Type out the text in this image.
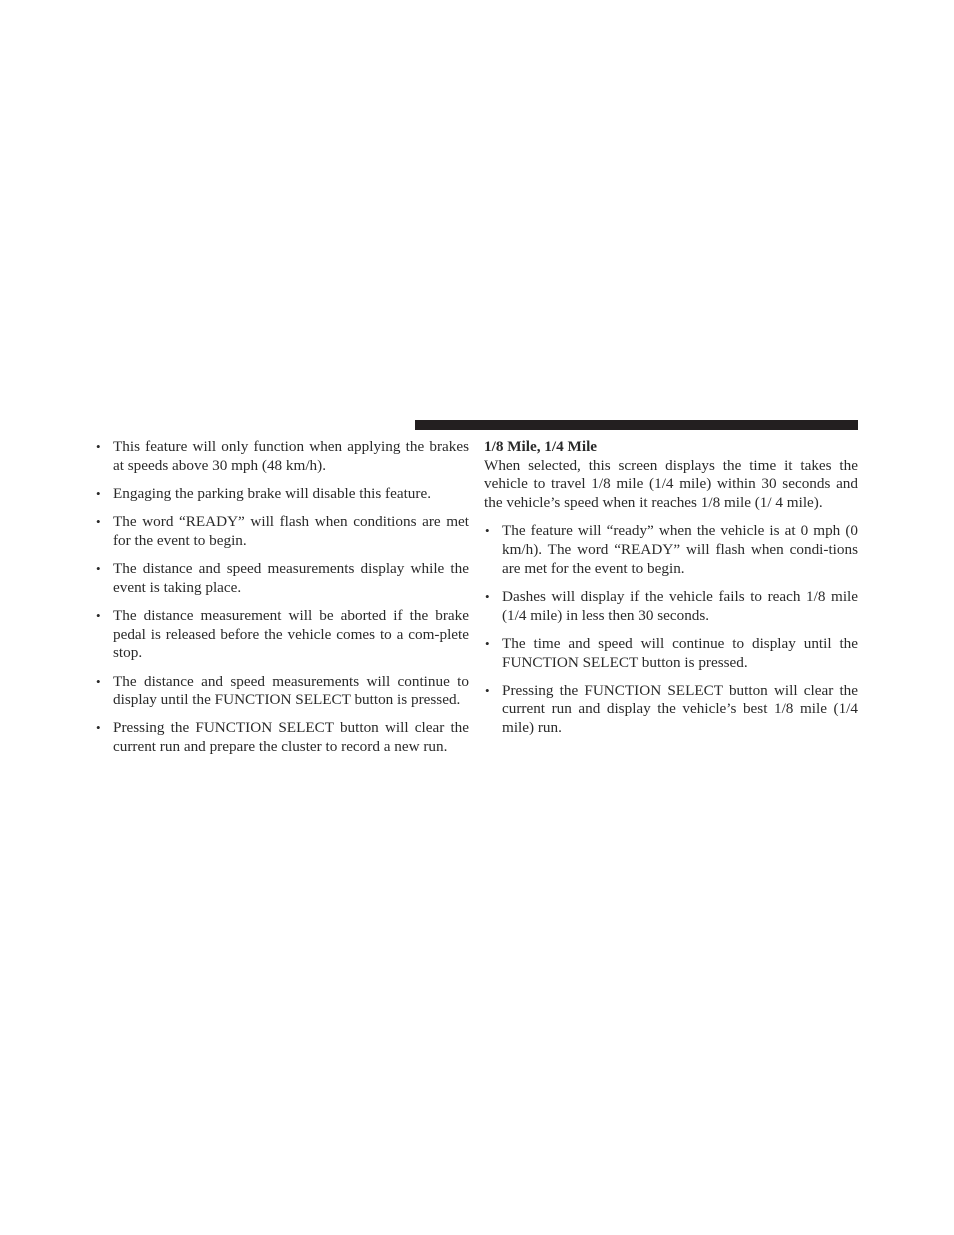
• This feature will only function when applying the brakes at speeds above 30 mph (48 km/h).
• Engaging the parking brake will disable this feature.
• The word “READY” will flash when conditions are met for the event to begin.
• The distance and speed measurements display while the event is taking place.
• The distance measurement will be aborted if the brake pedal is released before the vehicle comes to a com-plete stop.
• The distance and speed measurements will continue to display until the FUNCTION SELECT button is pressed.
• Pressing the FUNCTION SELECT button will clear the current run and prepare the cluster to record a new run.
1/8 Mile, 1/4 Mile

When selected, this screen displays the time it takes the vehicle to travel 1/8 mile (1/4 mile) within 30 seconds and the vehicle’s speed when it reaches 1/8 mile (1/ 4 mile).

• The feature will “ready” when the vehicle is at 0 mph (0 km/h). The word “READY” will flash when condi-tions are met for the event to begin.
• Dashes will display if the vehicle fails to reach 1/8 mile (1/4 mile) in less then 30 seconds.
• The time and speed will continue to display until the FUNCTION SELECT button is pressed.
• Pressing the FUNCTION SELECT button will clear the current run and display the vehicle’s best 1/8 mile (1/4 mile) run.
